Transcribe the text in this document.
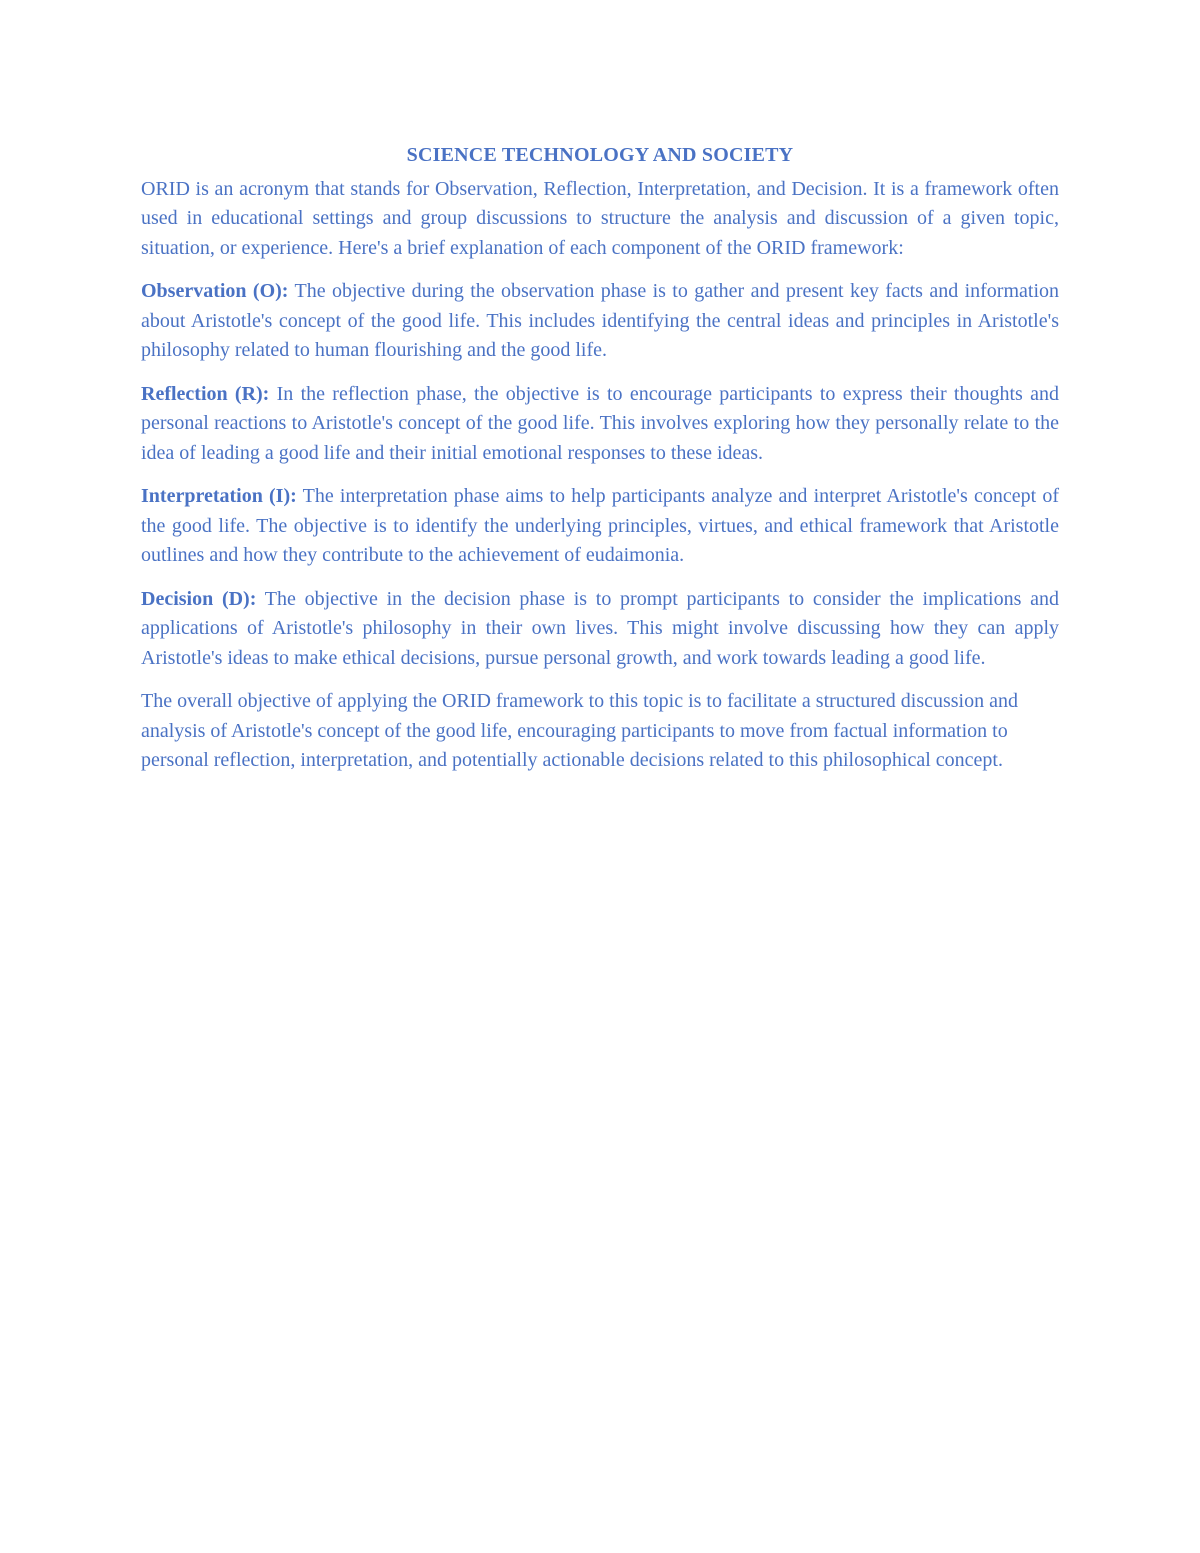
SCIENCE TECHNOLOGY AND SOCIETY

ORID is an acronym that stands for Observation, Reflection, Interpretation, and Decision. It is a framework often used in educational settings and group discussions to structure the analysis and discussion of a given topic, situation, or experience. Here's a brief explanation of each component of the ORID framework:

Observation (O): The objective during the observation phase is to gather and present key facts and information about Aristotle's concept of the good life. This includes identifying the central ideas and principles in Aristotle's philosophy related to human flourishing and the good life.

Reflection (R): In the reflection phase, the objective is to encourage participants to express their thoughts and personal reactions to Aristotle's concept of the good life. This involves exploring how they personally relate to the idea of leading a good life and their initial emotional responses to these ideas.

Interpretation (I): The interpretation phase aims to help participants analyze and interpret Aristotle's concept of the good life. The objective is to identify the underlying principles, virtues, and ethical framework that Aristotle outlines and how they contribute to the achievement of eudaimonia.

Decision (D): The objective in the decision phase is to prompt participants to consider the implications and applications of Aristotle's philosophy in their own lives. This might involve discussing how they can apply Aristotle's ideas to make ethical decisions, pursue personal growth, and work towards leading a good life.

The overall objective of applying the ORID framework to this topic is to facilitate a structured discussion and analysis of Aristotle's concept of the good life, encouraging participants to move from factual information to personal reflection, interpretation, and potentially actionable decisions related to this philosophical concept.
